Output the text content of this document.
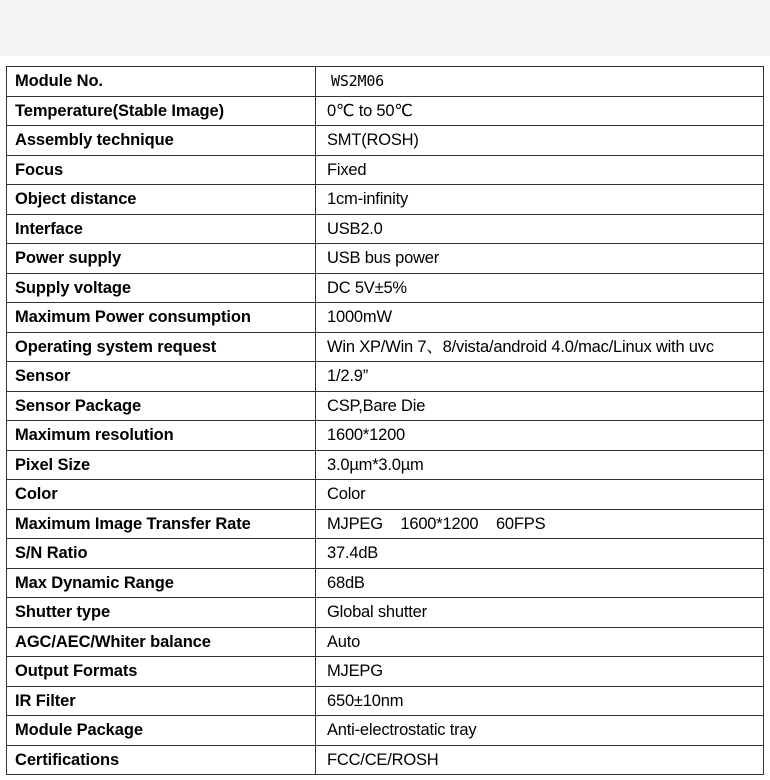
Module No.	WS2M06
Temperature(Stable Image)	0℃ to 50℃
Assembly technique	SMT(ROSH)
Focus	Fixed
Object distance	1cm-infinity
Interface	USB2.0
Power supply	USB bus power
Supply voltage	DC 5V±5%
Maximum Power consumption	1000mW
Operating system request	Win XP/Win 7、8/vista/android 4.0/mac/Linux with uvc
Sensor	1/2.9”
Sensor Package	CSP,Bare Die
Maximum resolution	1600*1200
Pixel Size	3.0µm*3.0µm
Color	Color
Maximum Image Transfer Rate	MJPEG    1600*1200    60FPS
S/N Ratio	37.4dB
Max Dynamic Range	68dB
Shutter type	Global shutter
AGC/AEC/Whiter balance	Auto
Output Formats	MJEPG
IR Filter	650±10nm
Module Package	Anti-electrostatic tray
Certifications	FCC/CE/ROSH
